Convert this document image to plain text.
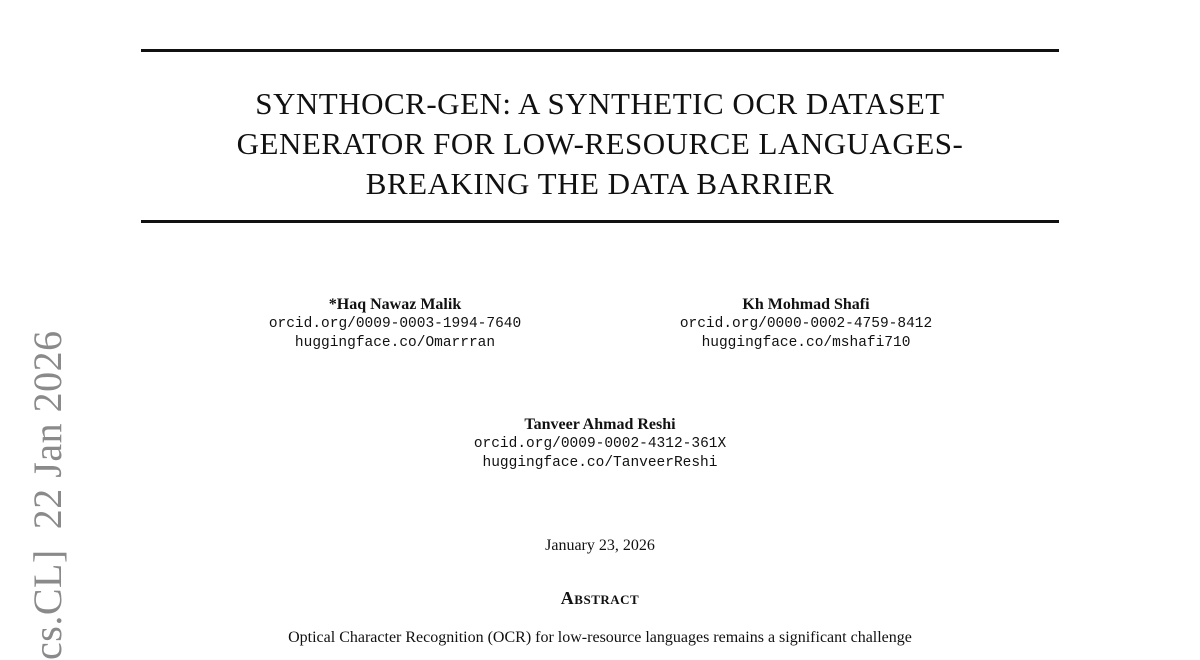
SYNTHOCR-GEN: A SYNTHETIC OCR DATASET
GENERATOR FOR LOW-RESOURCE LANGUAGES-
BREAKING THE DATA BARRIER
*Haq Nawaz Malik
orcid.org/0009-0003-1994-7640
huggingface.co/Omarrran
Kh Mohmad Shafi
orcid.org/0000-0002-4759-8412
huggingface.co/mshafi710
Tanveer Ahmad Reshi
orcid.org/0009-0002-4312-361X
huggingface.co/TanveerReshi
January 23, 2026
Abstract
Optical Character Recognition (OCR) for low-resource languages remains a significant challenge
cs.CL]22 Jan 2026
